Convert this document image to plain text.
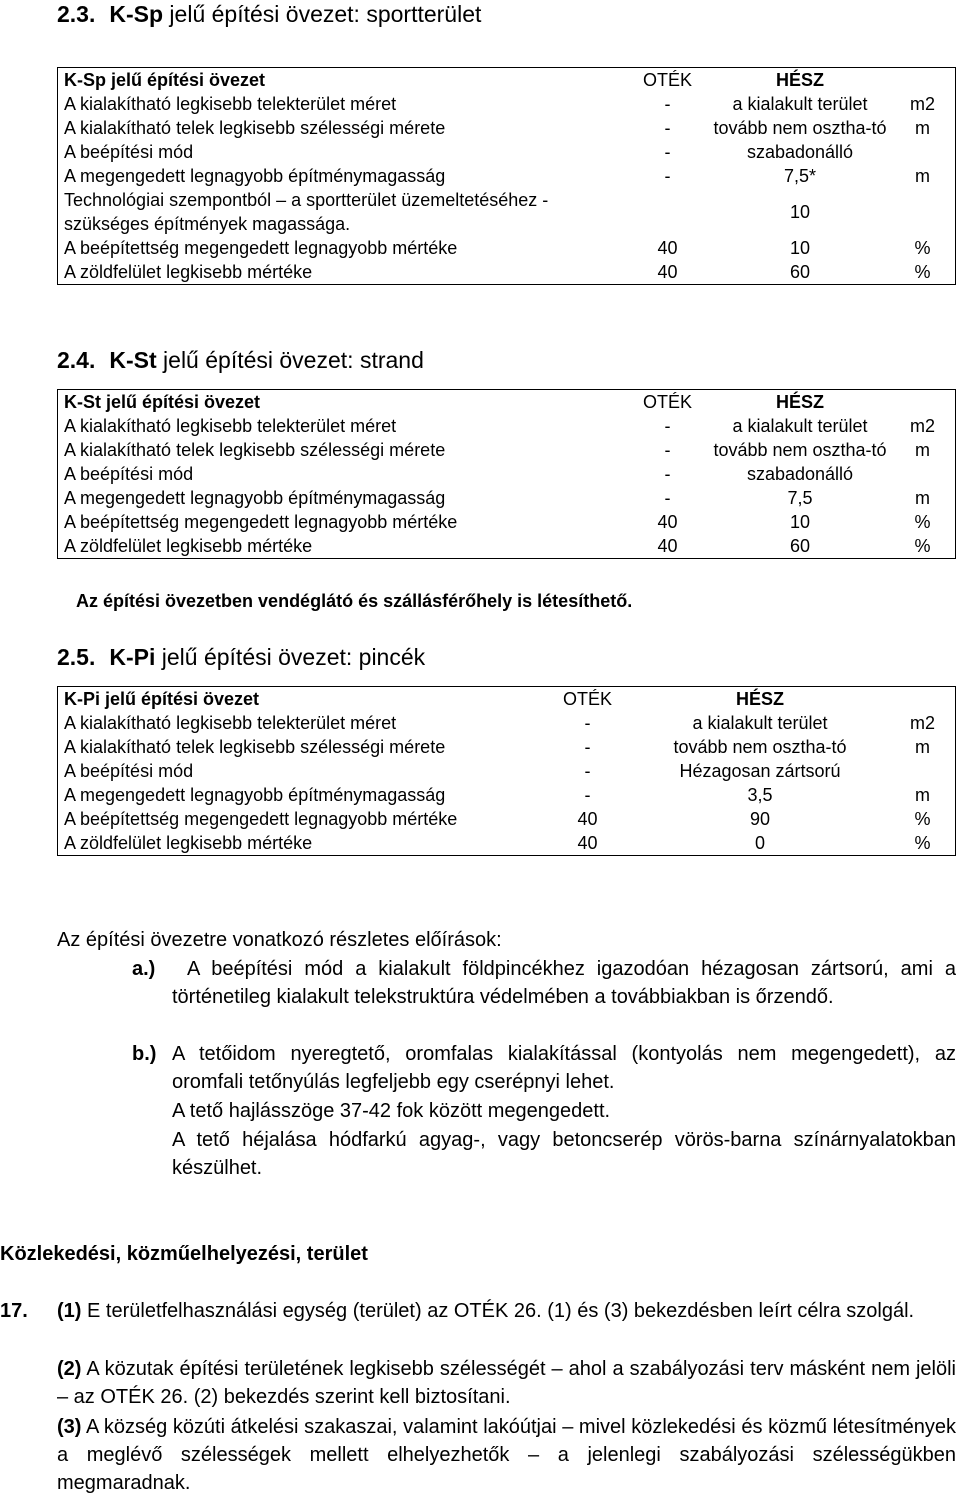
2.3. K-Sp jelű építési övezet: sportterület
K-Sp jelű építési övezet	OTÉK	HÉSZ	
A kialakítható legkisebb telekterület méret	-	a kialakult terület	m2
A kialakítható telek legkisebb szélességi mérete	-	tovább nem osztha-tó	m
A beépítési mód	-	szabadonálló	
A megengedett legnagyobb építménymagasság	-	7,5*	m
Technológiai szempontból – a sportterület üzemeltetéséhez - szükséges építmények magassága.		10	
A beépítettség megengedett legnagyobb mértéke	40	10	%
A zöldfelület legkisebb mértéke	40	60	%
2.4. K-St jelű építési övezet: strand
K-St jelű építési övezet	OTÉK	HÉSZ	
A kialakítható legkisebb telekterület méret	-	a kialakult terület	m2
A kialakítható telek legkisebb szélességi mérete	-	tovább nem osztha-tó	m
A beépítési mód	-	szabadonálló	
A megengedett legnagyobb építménymagasság	-	7,5	m
A beépítettség megengedett legnagyobb mértéke	40	10	%
A zöldfelület legkisebb mértéke	40	60	%
Az építési övezetben vendéglátó és szállásférőhely is létesíthető.
2.5. K-Pi jelű építési övezet: pincék
K-Pi jelű építési övezet	OTÉK	HÉSZ	
A kialakítható legkisebb telekterület méret	-	a kialakult terület	m2
A kialakítható telek legkisebb szélességi mérete	-	tovább nem osztha-tó	m
A beépítési mód	-	Hézagosan zártsorú	
A megengedett legnagyobb építménymagasság	-	3,5	m
A beépítettség megengedett legnagyobb mértéke	40	90	%
A zöldfelület legkisebb mértéke	40	0	%
Az építési övezetre vonatkozó részletes előírások:
a.)	A beépítési mód a kialakult földpincékhez igazodóan hézagosan zártsorú, ami a történetileg kialakult telekstruktúra védelmében a továbbiakban is őrzendő.
b.) A tetőidom nyeregtető, oromfalas kialakítással (kontyolás nem megengedett), az oromfali tetőnyúlás legfeljebb egy cserépnyi lehet.
A tető hajlásszöge 37-42 fok között megengedett.
A tető héjalása hódfarkú agyag-, vagy betoncserép vörös-barna színárnyalatokban készülhet.
Közlekedési, közműelhelyezési, terület
17. (1) E területfelhasználási egység (terület) az OTÉK 26. (1) és (3) bekezdésben leírt célra szolgál.
(2) A közutak építési területének legkisebb szélességét – ahol a szabályozási terv másként nem jelöli – az OTÉK 26. (2) bekezdés szerint kell biztosítani.
(3) A község közúti átkelési szakaszai, valamint lakóútjai – mivel közlekedési és közmű létesítmények a meglévő szélességek mellett elhelyezhetők – a jelenlegi szabályozási szélességükben megmaradnak.
